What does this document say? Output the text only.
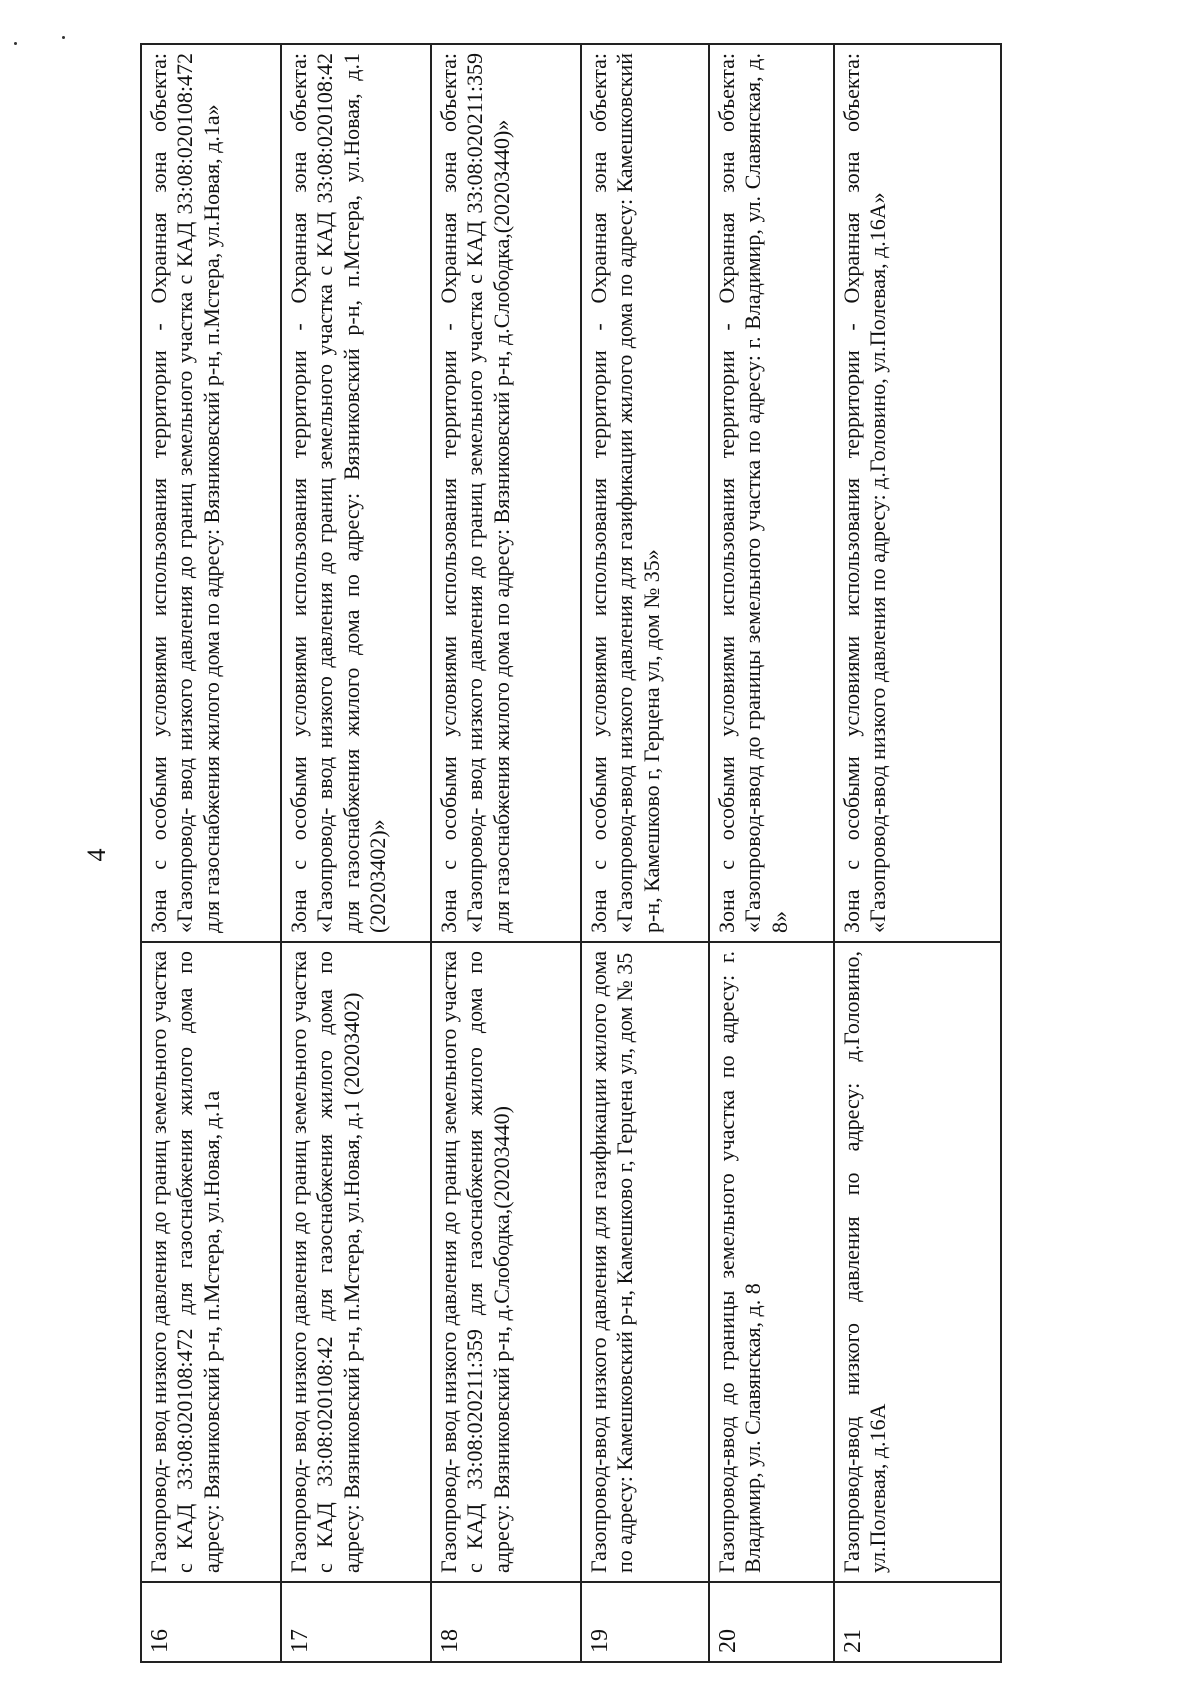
4
16	Газопровод- ввод низкого давления до границ земельного участка с КАД 33:08:020108:472 для газоснабжения жилого дома по адресу: Вязниковский р-н, п.Мстера, ул.Новая, д.1а	Зона с особыми условиями использования территории - Охранная зона объекта: «Газопровод- ввод низкого давления до границ земельного участка с КАД 33:08:020108:472 для газоснабжения жилого дома по адресу: Вязниковский р-н, п.Мстера, ул.Новая, д.1а»
17	Газопровод- ввод низкого давления до границ земельного участка с КАД 33:08:020108:42 для газоснабжения жилого дома по адресу: Вязниковский р-н, п.Мстера, ул.Новая, д.1 (20203402)	Зона с особыми условиями использования территории - Охранная зона объекта: «Газопровод- ввод низкого давления до границ земельного участка с КАД 33:08:020108:42 для газоснабжения жилого дома по адресу: Вязниковский р-н, п.Мстера, ул.Новая, д.1 (20203402)»
18	Газопровод- ввод низкого давления до границ земельного участка с КАД 33:08:020211:359 для газоснабжения жилого дома по адресу: Вязниковский р-н, д.Слободка,(20203440)	Зона с особыми условиями использования территории - Охранная зона объекта: «Газопровод- ввод низкого давления до границ земельного участка с КАД 33:08:020211:359 для газоснабжения жилого дома по адресу: Вязниковский р-н, д.Слободка,(20203440)»
19	Газопровод-ввод низкого давления для газификации жилого дома по адресу: Камешковский р-н, Камешково г, Герцена ул, дом № 35	Зона с особыми условиями использования территории - Охранная зона объекта: «Газопровод-ввод низкого давления для газификации жилого дома по адресу: Камешковский р-н, Камешково г, Герцена ул, дом № 35»
20	Газопровод-ввод до границы земельного участка по адресу: г. Владимир, ул. Славянская, д. 8	Зона с особыми условиями использования территории - Охранная зона объекта: «Газопровод-ввод до границы земельного участка по адресу: г. Владимир, ул. Славянская, д. 8»
21	Газопровод-ввод низкого давления по адресу: д.Головино, ул.Полевая, д.16А	Зона с особыми условиями использования территории - Охранная зона объекта: «Газопровод-ввод низкого давления по адресу: д.Головино, ул.Полевая, д.16А»
